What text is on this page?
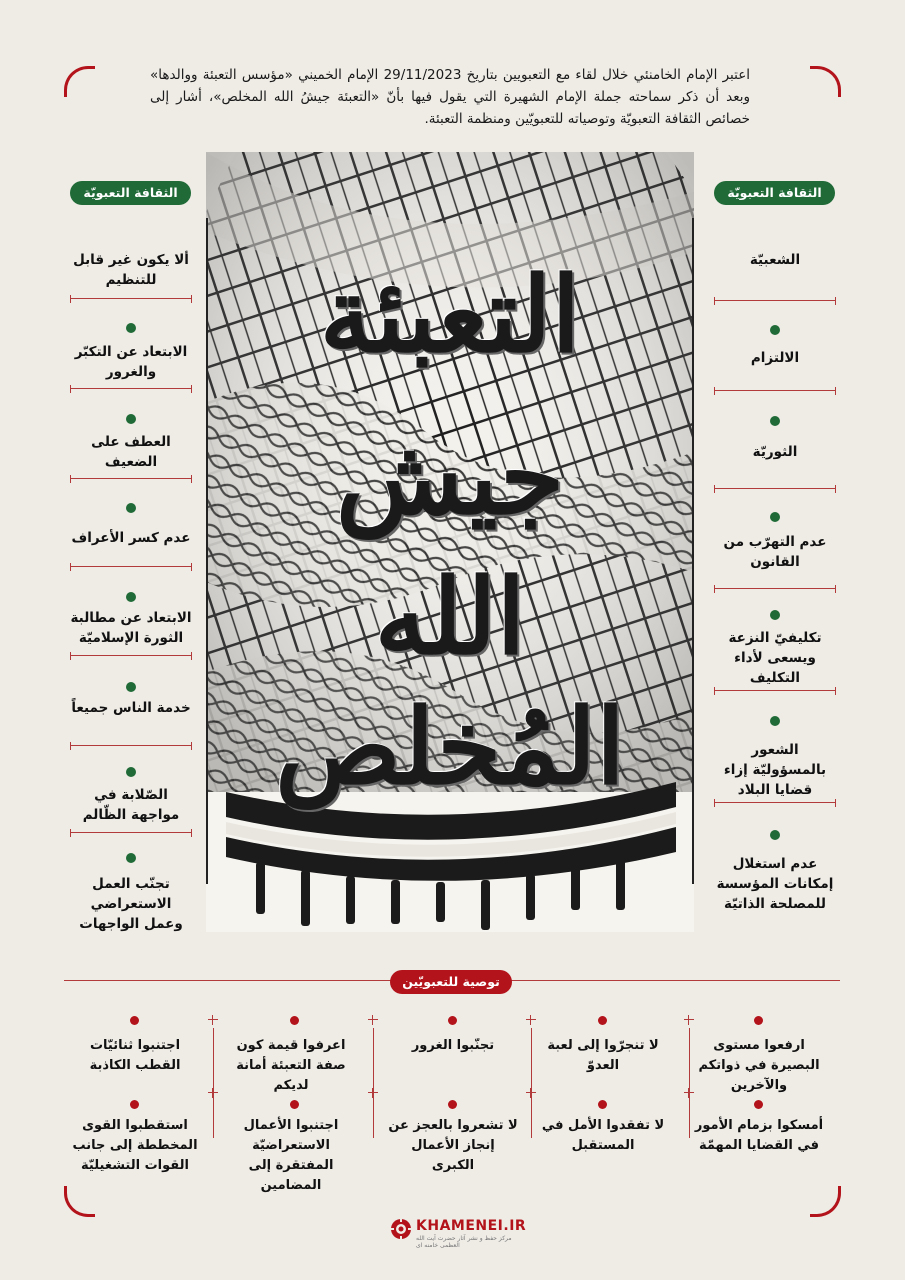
اعتبر الإمام الخامنئي خلال لقاء مع التعبويين بتاريخ 29/11/2023 الإمام الخميني «مؤسس التعبئة ووالدها» وبعد أن ذكر سماحته جملة الإمام الشهيرة التي يقول فيها بأنّ «التعبئة جيشُ الله المخلص»، أشار إلى خصائص الثقافة التعبويّة وتوصياته للتعبويّين ومنظمة التعبئة.
الثقافة التعبويّة	الثقافة التعبويّة
ألا يكون غير قابل للتنظيم
الابتعاد عن التكبّر والغرور
العطف على الضعيف
عدم كسر الأعراف
الابتعاد عن مطالبة الثورة الإسلاميّة
خدمة الناس جميعاً
الصّلابة في مواجهة الظّالم
تجنّب العمل الاستعراضي وعمل الواجهات
الشعبيّة
الالتزام
الثوريّة
عدم التهرّب من القانون
تكليفيّ النزعة ويسعى لأداء التكليف
الشعور بالمسؤوليّة إزاء قضايا البلاد
عدم استغلال إمكانات المؤسسة للمصلحة الذاتيّة
التعبئة
جيش
الله
المُخلص
توصية للتعبويّين
ارفعوا مستوى البصيرة في ذواتكم والآخرين
أمسكوا بزمام الأمور في القضايا المهمّة
لا تنجرّوا إلى لعبة العدوّ
لا تفقدوا الأمل في المستقبل
تجنّبوا الغرور
لا تشعروا بالعجز عن إنجاز الأعمال الكبرى
اعرفوا قيمة كون صفة التعبئة أمانة لديكم
اجتنبوا الأعمال الاستعراضيّة المفتقرة إلى المضامين
اجتنبوا ثنائيّات القطب الكاذبة
استقطبوا القوى المخططة إلى جانب القوات التشغيليّة
KHAMENEI.IR
مركز حفظ و نشر آثار حضرت آيت الله العظمی خامنه ای
